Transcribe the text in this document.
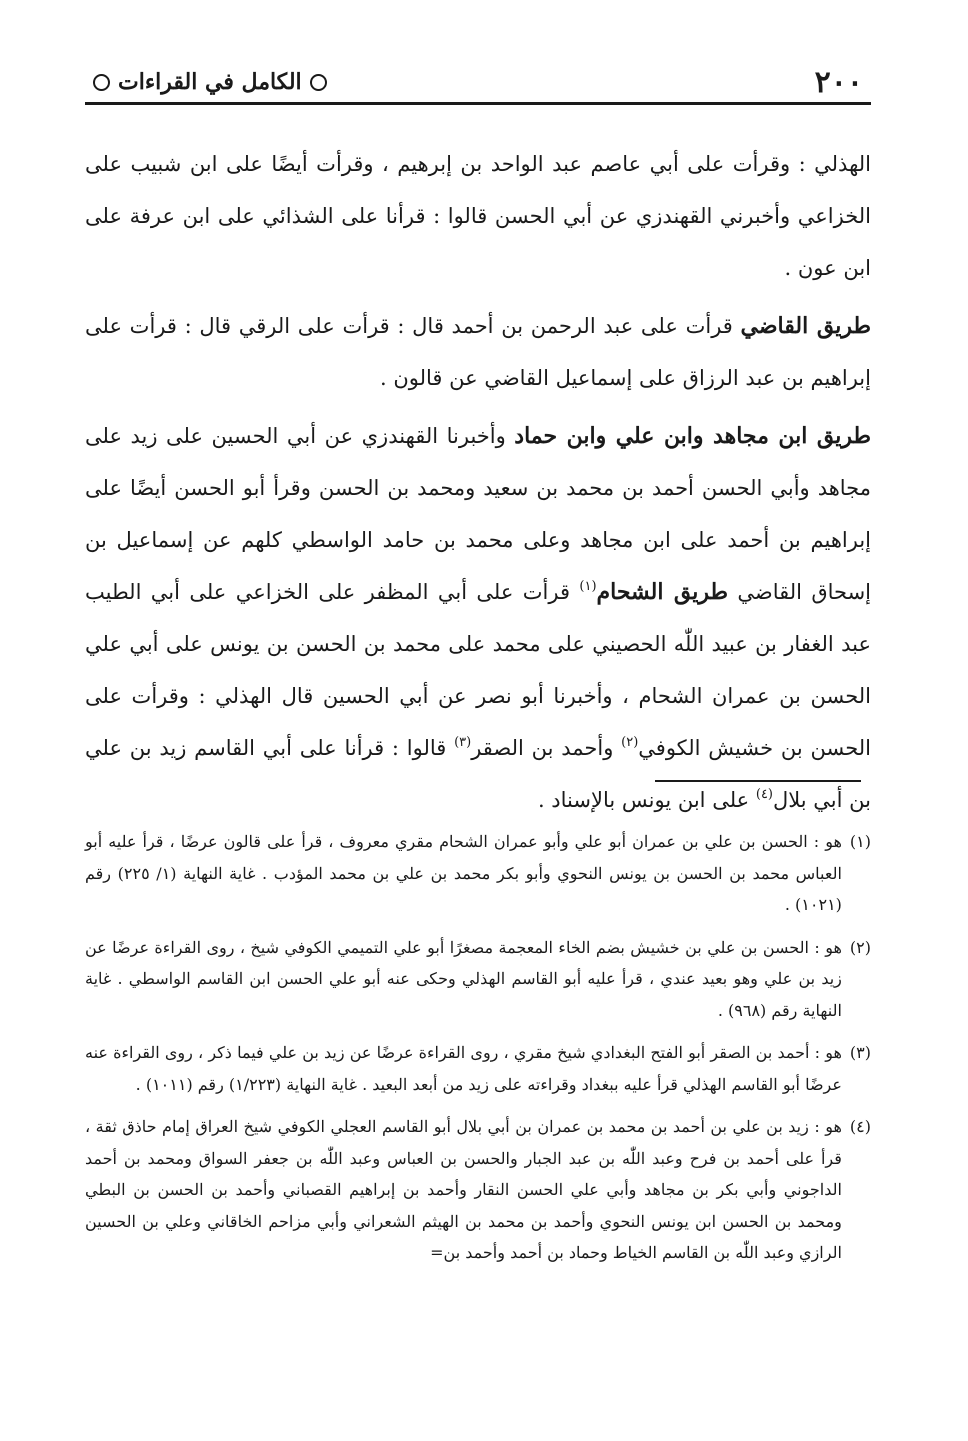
٢٠٠
الكامل في القراءات

الهذلي : وقرأت على أبي عاصم عبد الواحد بن إبرهيم ، وقرأت أيضًا على ابن شبيب على الخزاعي وأخبرني القهندزي عن أبي الحسن قالوا : قرأنا على الشذائي على ابن عرفة على ابن عون .

طريق القاضي قرأت على عبد الرحمن بن أحمد قال : قرأت على الرقي قال : قرأت على إبراهيم بن عبد الرزاق على إسماعيل القاضي عن قالون .

طريق ابن مجاهد وابن علي وابن حماد وأخبرنا القهندزي عن أبي الحسين على زيد على مجاهد وأبي الحسن أحمد بن محمد بن سعيد ومحمد بن الحسن وقرأ أبو الحسن أيضًا على إبراهيم بن أحمد على ابن مجاهد وعلى محمد بن حامد الواسطي كلهم عن إسماعيل بن إسحاق القاضي طريق الشحام$^{(١)}$ قرأت على أبي المظفر على الخزاعي على أبي الطيب عبد الغفار بن عبيد اللّٰه الحصيني على محمد على محمد بن الحسن بن يونس على أبي علي الحسن بن عمران الشحام ، وأخبرنا أبو نصر عن أبي الحسين قال الهذلي : وقرأت على الحسن بن خشيش الكوفي$^{(٢)}$ وأحمد بن الصقر$^{(٣)}$ قالوا : قرأنا على أبي القاسم زيد بن علي بن أبي بلال$^{(٤)}$ على ابن يونس بالإسناد .

(١)
هو : الحسن بن علي بن عمران أبو علي وأبو عمران الشحام مقري معروف ، قرأ على قالون عرضًا ، قرأ عليه أبو العباس محمد بن الحسن بن يونس النحوي وأبو بكر محمد بن علي بن محمد المؤدب . غاية النهاية (١/ ٢٢٥) رقم (١٠٢١) .
(٢)
هو : الحسن بن علي بن خشيش بضم الخاء المعجمة مصغرًا أبو علي التميمي الكوفي شيخ ، روى القراءة عرضًا عن زيد بن علي وهو بعيد عندي ، قرأ عليه أبو القاسم الهذلي وحكى عنه أبو علي الحسن ابن القاسم الواسطي . غاية النهاية رقم (٩٦٨) .
(٣)
هو : أحمد بن الصقر أبو الفتح البغدادي شيخ مقري ، روى القراءة عرضًا عن زيد بن علي فيما ذكر ، روى القراءة عنه عرضًا أبو القاسم الهذلي قرأ عليه ببغداد وقراءته على زيد من أبعد البعيد . غاية النهاية (١/٢٢٣) رقم (١٠١١) .
(٤)
هو : زيد بن علي بن أحمد بن محمد بن عمران بن أبي بلال أبو القاسم العجلي الكوفي شيخ العراق إمام حاذق ثقة ، قرأ على أحمد بن فرح وعبد اللّٰه بن عبد الجبار والحسن بن العباس وعبد اللّٰه بن جعفر السواق ومحمد بن أحمد الداجوني وأبي بكر بن مجاهد وأبي علي الحسن النقار وأحمد بن إبراهيم القصباني وأحمد بن الحسن بن البطي ومحمد بن الحسن ابن يونس النحوي وأحمد بن محمد بن الهيثم الشعراني وأبي مزاحم الخاقاني وعلي بن الحسين الرازي وعبد اللّٰه بن القاسم الخياط وحماد بن أحمد وأحمد بن=
